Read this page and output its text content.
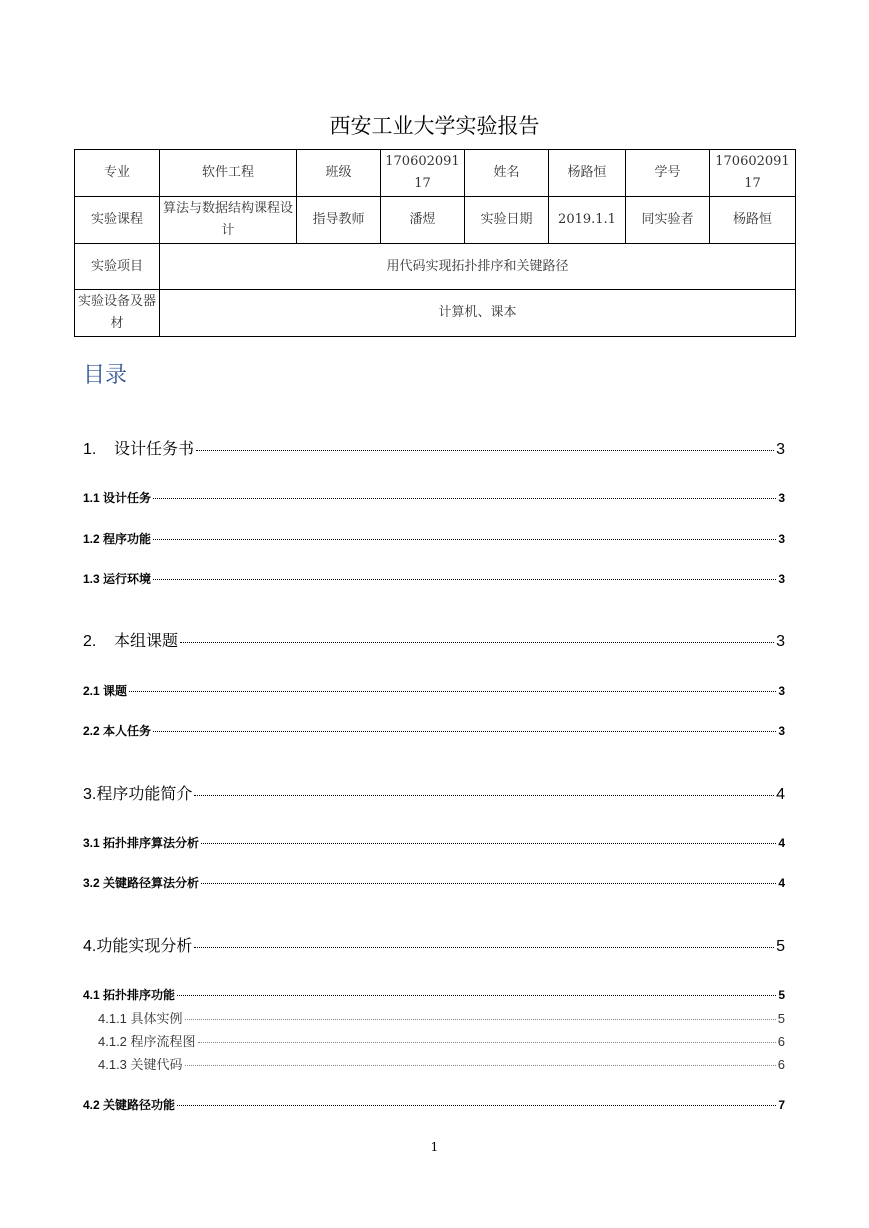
西安工业大学实验报告
专业	软件工程	班级	17060209117	姓名	杨路恒	学号	17060209117
实验课程	算法与数据结构课程设计	指导教师	潘煜	实验日期	2019.1.1	同实验者	杨路恒
实验项目	用代码实现拓扑排序和关键路径						
实验设备及器材	计算机、课本						
目录
1.	设计任务书	3
1.1 设计任务	3
1.2 程序功能	3
1.3 运行环境	3
2.	本组课题	3
2.1 课题	3
2.2 本人任务	3
3.程序功能简介	4
3.1 拓扑排序算法分析	4
3.2 关键路径算法分析	4
4.功能实现分析	5
4.1 拓扑排序功能	5
4.1.1 具体实例	5
4.1.2 程序流程图	6
4.1.3 关键代码	6
4.2 关键路径功能	7
1
